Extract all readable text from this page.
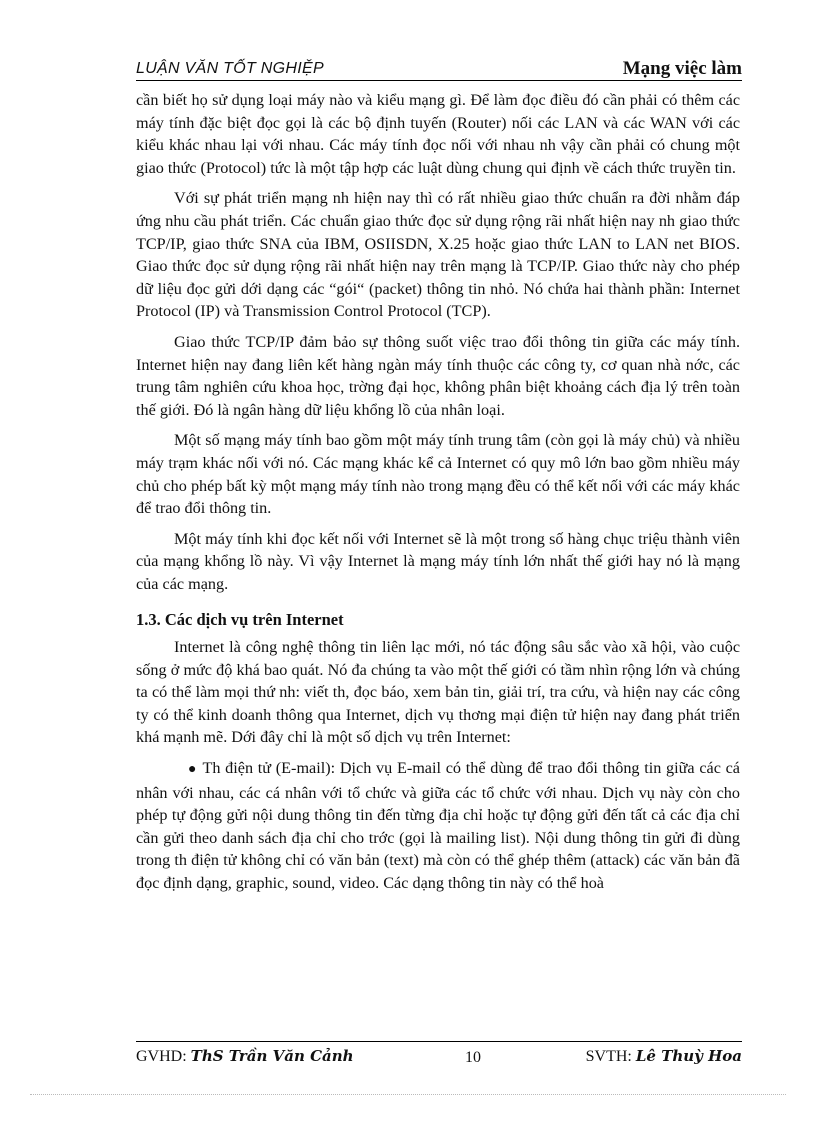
LUẬN VĂN TỐT NGHIỆP	Mạng việc làm

cần biết họ sử dụng loại máy nào và kiểu mạng gì. Để làm đọc điều đó cần phải có thêm các máy tính đặc biệt đọc gọi là các bộ định tuyến (Router) nối các LAN và các WAN với các kiểu khác nhau lại với nhau. Các máy tính đọc nối với nhau nh vậy cần phải có chung một giao thức (Protocol) tức là một tập hợp các luật dùng chung qui định về cách thức truyền tin.

Với sự phát triển mạng nh hiện nay thì có rất nhiều giao thức chuẩn ra đời nhằm đáp ứng nhu cầu phát triển. Các chuẩn giao thức đọc sử dụng rộng rãi nhất hiện nay nh giao thức TCP/IP, giao thức SNA của IBM, OSIISDN, X.25 hoặc giao thức LAN to LAN net BIOS. Giao thức đọc sử dụng rộng rãi nhất hiện nay trên mạng là TCP/IP. Giao thức này cho phép dữ liệu đọc gửi dới dạng các “gói“ (packet) thông tin nhỏ. Nó chứa hai thành phần: Internet Protocol (IP) và Transmission Control Protocol (TCP).

Giao thức TCP/IP đảm bảo sự thông suốt việc trao đổi thông tin giữa các máy tính. Internet hiện nay đang liên kết hàng ngàn máy tính thuộc các công ty, cơ quan nhà nớc, các trung tâm nghiên cứu khoa học, trờng đại học, không phân biệt khoảng cách địa lý trên toàn thế giới. Đó là ngân hàng dữ liệu khổng lồ của nhân loại.

Một số mạng máy tính bao gồm một máy tính trung tâm (còn gọi là máy chủ) và nhiều máy trạm khác nối với nó. Các mạng khác kể cả Internet có quy mô lớn bao gồm nhiều máy chủ cho phép bất kỳ một mạng máy tính nào trong mạng đều có thể kết nối với các máy khác để trao đổi thông tin.

Một máy tính khi đọc kết nối với Internet sẽ là một trong số hàng chục triệu thành viên của mạng khổng lồ này. Vì vậy Internet là mạng máy tính lớn nhất thế giới hay nó là mạng của các mạng.

1.3. Các dịch vụ trên Internet

Internet là công nghệ thông tin liên lạc mới, nó tác động sâu sắc vào xã hội, vào cuộc sống ở mức độ khá bao quát. Nó đa chúng ta vào một thế giới có tầm nhìn rộng lớn và chúng ta có thể làm mọi thứ nh: viết th, đọc báo, xem bản tin, giải trí, tra cứu, và hiện nay các công ty có thể kinh doanh thông qua Internet, dịch vụ thơng mại điện tử hiện nay đang phát triển khá mạnh mẽ. Dới đây chỉ là một số dịch vụ trên Internet:

● Th điện tử (E-mail): Dịch vụ E-mail có thể dùng để trao đổi thông tin giữa các cá nhân với nhau, các cá nhân với tổ chức và giữa các tổ chức với nhau. Dịch vụ này còn cho phép tự động gửi nội dung thông tin đến từng địa chỉ hoặc tự động gửi đến tất cả các địa chỉ cần gửi theo danh sách địa chỉ cho trớc (gọi là mailing list). Nội dung thông tin gửi đi dùng trong th điện tử không chỉ có văn bản (text) mà còn có thể ghép thêm (attack) các văn bản đã đọc định dạng, graphic, sound, video. Các dạng thông tin này có thể hoà

GVHD: ThS Trần Văn Cảnh	10	SVTH: Lê Thuỳ Hoa
